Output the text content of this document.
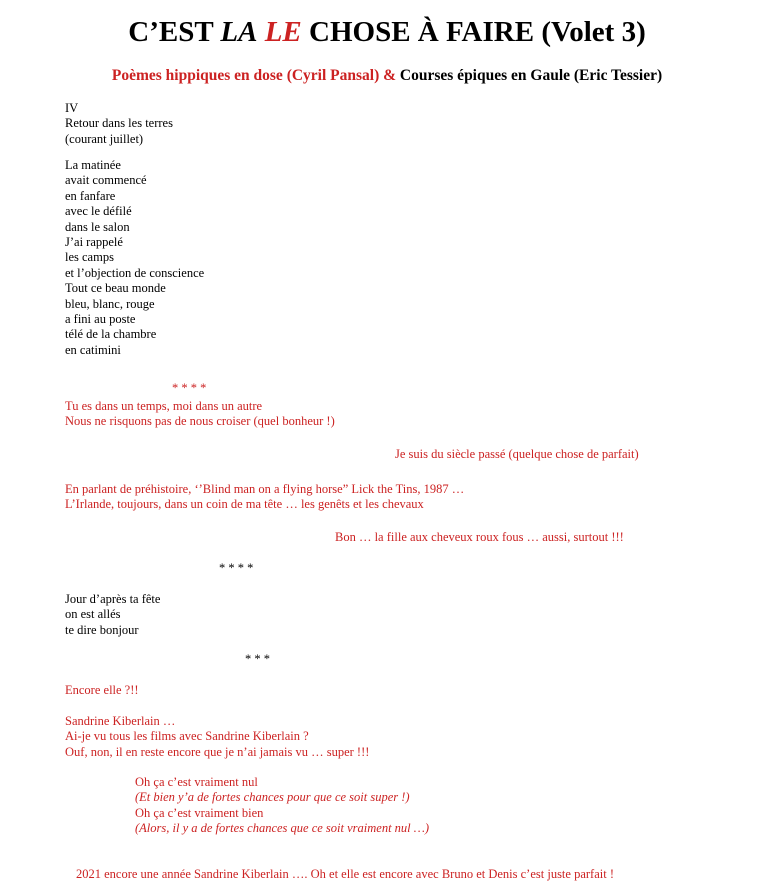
C’EST LA LE CHOSE À FAIRE (Volet 3)
Poèmes hippiques en dose (Cyril Pansal) & Courses épiques en Gaule (Eric Tessier)
IV
Retour dans les terres
(courant juillet)
La matinée
avait commencé
en fanfare
avec le défilé
dans le salon
J’ai rappelé
les camps
et l’objection de conscience
Tout ce beau monde
bleu, blanc, rouge
a fini au poste
télé de la chambre
en catimini
* * * *
Tu es dans un temps, moi dans un autre
Nous ne risquons pas de nous croiser (quel bonheur !)
Je suis du siècle passé (quelque chose de parfait)
En parlant de préhistoire, ‘’Blind man on a flying horse” Lick the Tins, 1987 …
L’Irlande, toujours, dans un coin de ma tête … les genêts et les chevaux
Bon … la fille aux cheveux roux fous … aussi, surtout !!!
* * * *
Jour d’après ta fête
on est allés
te dire bonjour
* * *
Encore elle ?!!
Sandrine Kiberlain …
Ai-je vu tous les films avec Sandrine Kiberlain ?
Ouf, non, il en reste encore que je n’ai jamais vu … super !!!
Oh ça c’est vraiment nul
(Et bien y’a de fortes chances pour que ce soit super !)
Oh ça c’est vraiment bien
(Alors, il y a de fortes chances que ce soit vraiment nul …)
2021 encore une année Sandrine Kiberlain …. Oh et elle est encore avec Bruno et Denis c’est juste parfait !
